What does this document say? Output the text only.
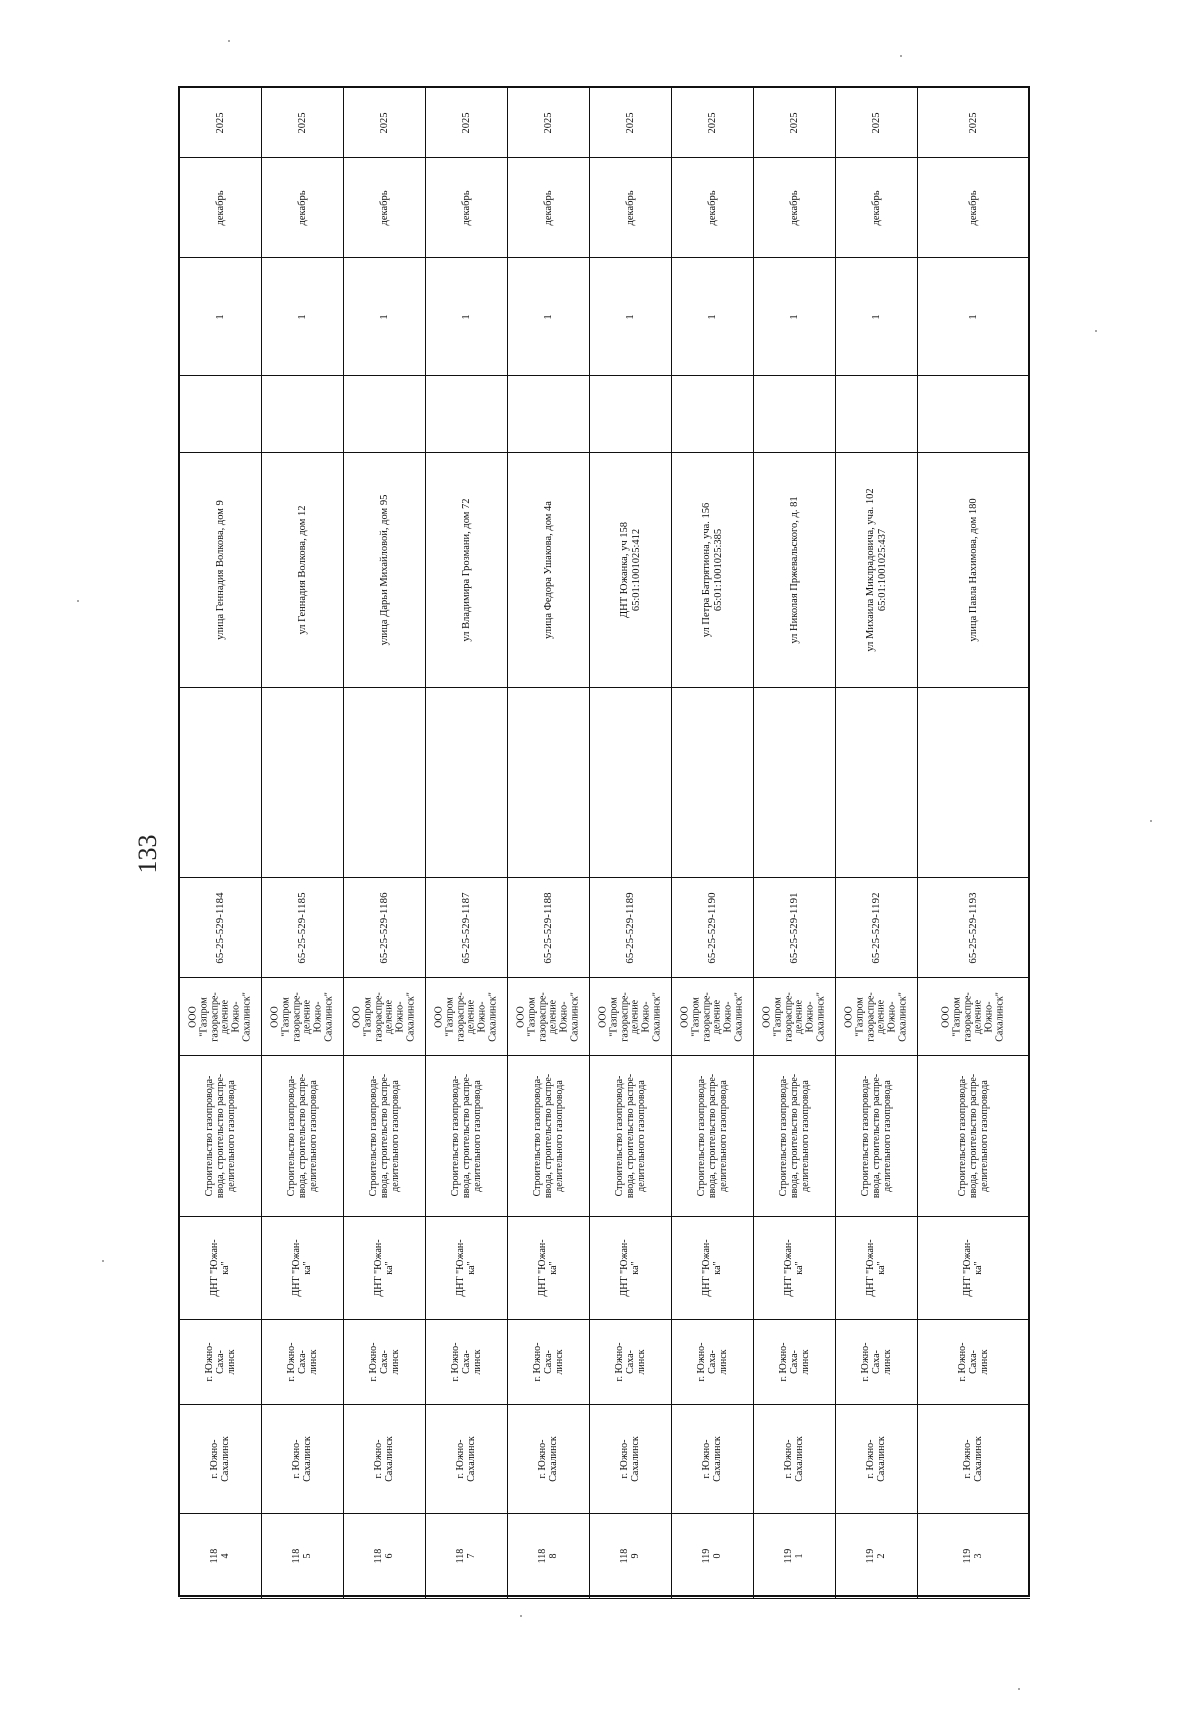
133
118
4
г. Южно-
Сахалинск
г. Южно-
Саха-
линск
ДНТ "Южан-
ка"
Строительство газопровода-
ввода, строительство распре-
делительного газопровода
ООО
"Газпром
газораспре-
деление
Южно-
Сахалинск"
65-25-529-1184
улица Геннадия Волкова, дом 9
1
декабрь
2025
118
5
г. Южно-
Сахалинск
г. Южно-
Саха-
линск
ДНТ "Южан-
ка"
Строительство газопровода-
ввода, строительство распре-
делительного газопровода
ООО
"Газпром
газораспре-
деление
Южно-
Сахалинск"
65-25-529-1185
ул Геннадия Волкова, дом 12
1
декабрь
2025
118
6
г. Южно-
Сахалинск
г. Южно-
Саха-
линск
ДНТ "Южан-
ка"
Строительство газопровода-
ввода, строительство распре-
делительного газопровода
ООО
"Газпром
газораспре-
деление
Южно-
Сахалинск"
65-25-529-1186
улица Дарьи Михайловой, дом 95
1
декабрь
2025
118
7
г. Южно-
Сахалинск
г. Южно-
Саха-
линск
ДНТ "Южан-
ка"
Строительство газопровода-
ввода, строительство распре-
делительного газопровода
ООО
"Газпром
газораспре-
деление
Южно-
Сахалинск"
65-25-529-1187
ул Владимира Грозмани, дом 72
1
декабрь
2025
118
8
г. Южно-
Сахалинск
г. Южно-
Саха-
линск
ДНТ "Южан-
ка"
Строительство газопровода-
ввода, строительство распре-
делительного газопровода
ООО
"Газпром
газораспре-
деление
Южно-
Сахалинск"
65-25-529-1188
улица Федора Ушакова, дом 4а
1
декабрь
2025
118
9
г. Южно-
Сахалинск
г. Южно-
Саха-
линск
ДНТ "Южан-
ка"
Строительство газопровода-
ввода, строительство распре-
делительного газопровода
ООО
"Газпром
газораспре-
деление
Южно-
Сахалинск"
65-25-529-1189
ДНТ Южанка, уч 158
65:01:1001025:412
1
декабрь
2025
119
0
г. Южно-
Сахалинск
г. Южно-
Саха-
линск
ДНТ "Южан-
ка"
Строительство газопровода-
ввода, строительство распре-
делительного газопровода
ООО
"Газпром
газораспре-
деление
Южно-
Сахалинск"
65-25-529-1190
ул Петра Батрятиона, уча. 156
65:01:1001025:385
1
декабрь
2025
119
1
г. Южно-
Сахалинск
г. Южно-
Саха-
линск
ДНТ "Южан-
ка"
Строительство газопровода-
ввода, строительство распре-
делительного газопровода
ООО
"Газпром
газораспре-
деление
Южно-
Сахалинск"
65-25-529-1191
ул Николая Пржевальского, д. 81
1
декабрь
2025
119
2
г. Южно-
Сахалинск
г. Южно-
Саха-
линск
ДНТ "Южан-
ка"
Строительство газопровода-
ввода, строительство распре-
делительного газопровода
ООО
"Газпром
газораспре-
деление
Южно-
Сахалинск"
65-25-529-1192
ул Михаила Миклрадовича, уча. 102
65:01:1001025:437
1
декабрь
2025
119
3
г. Южно-
Сахалинск
г. Южно-
Саха-
линск
ДНТ "Южан-
ка"
Строительство газопровода-
ввода, строительство распре-
делительного газопровода
ООО
"Газпром
газораспре-
деление
Южно-
Сахалинск"
65-25-529-1193
улица Павла Нахимова, дом 180
1
декабрь
2025
